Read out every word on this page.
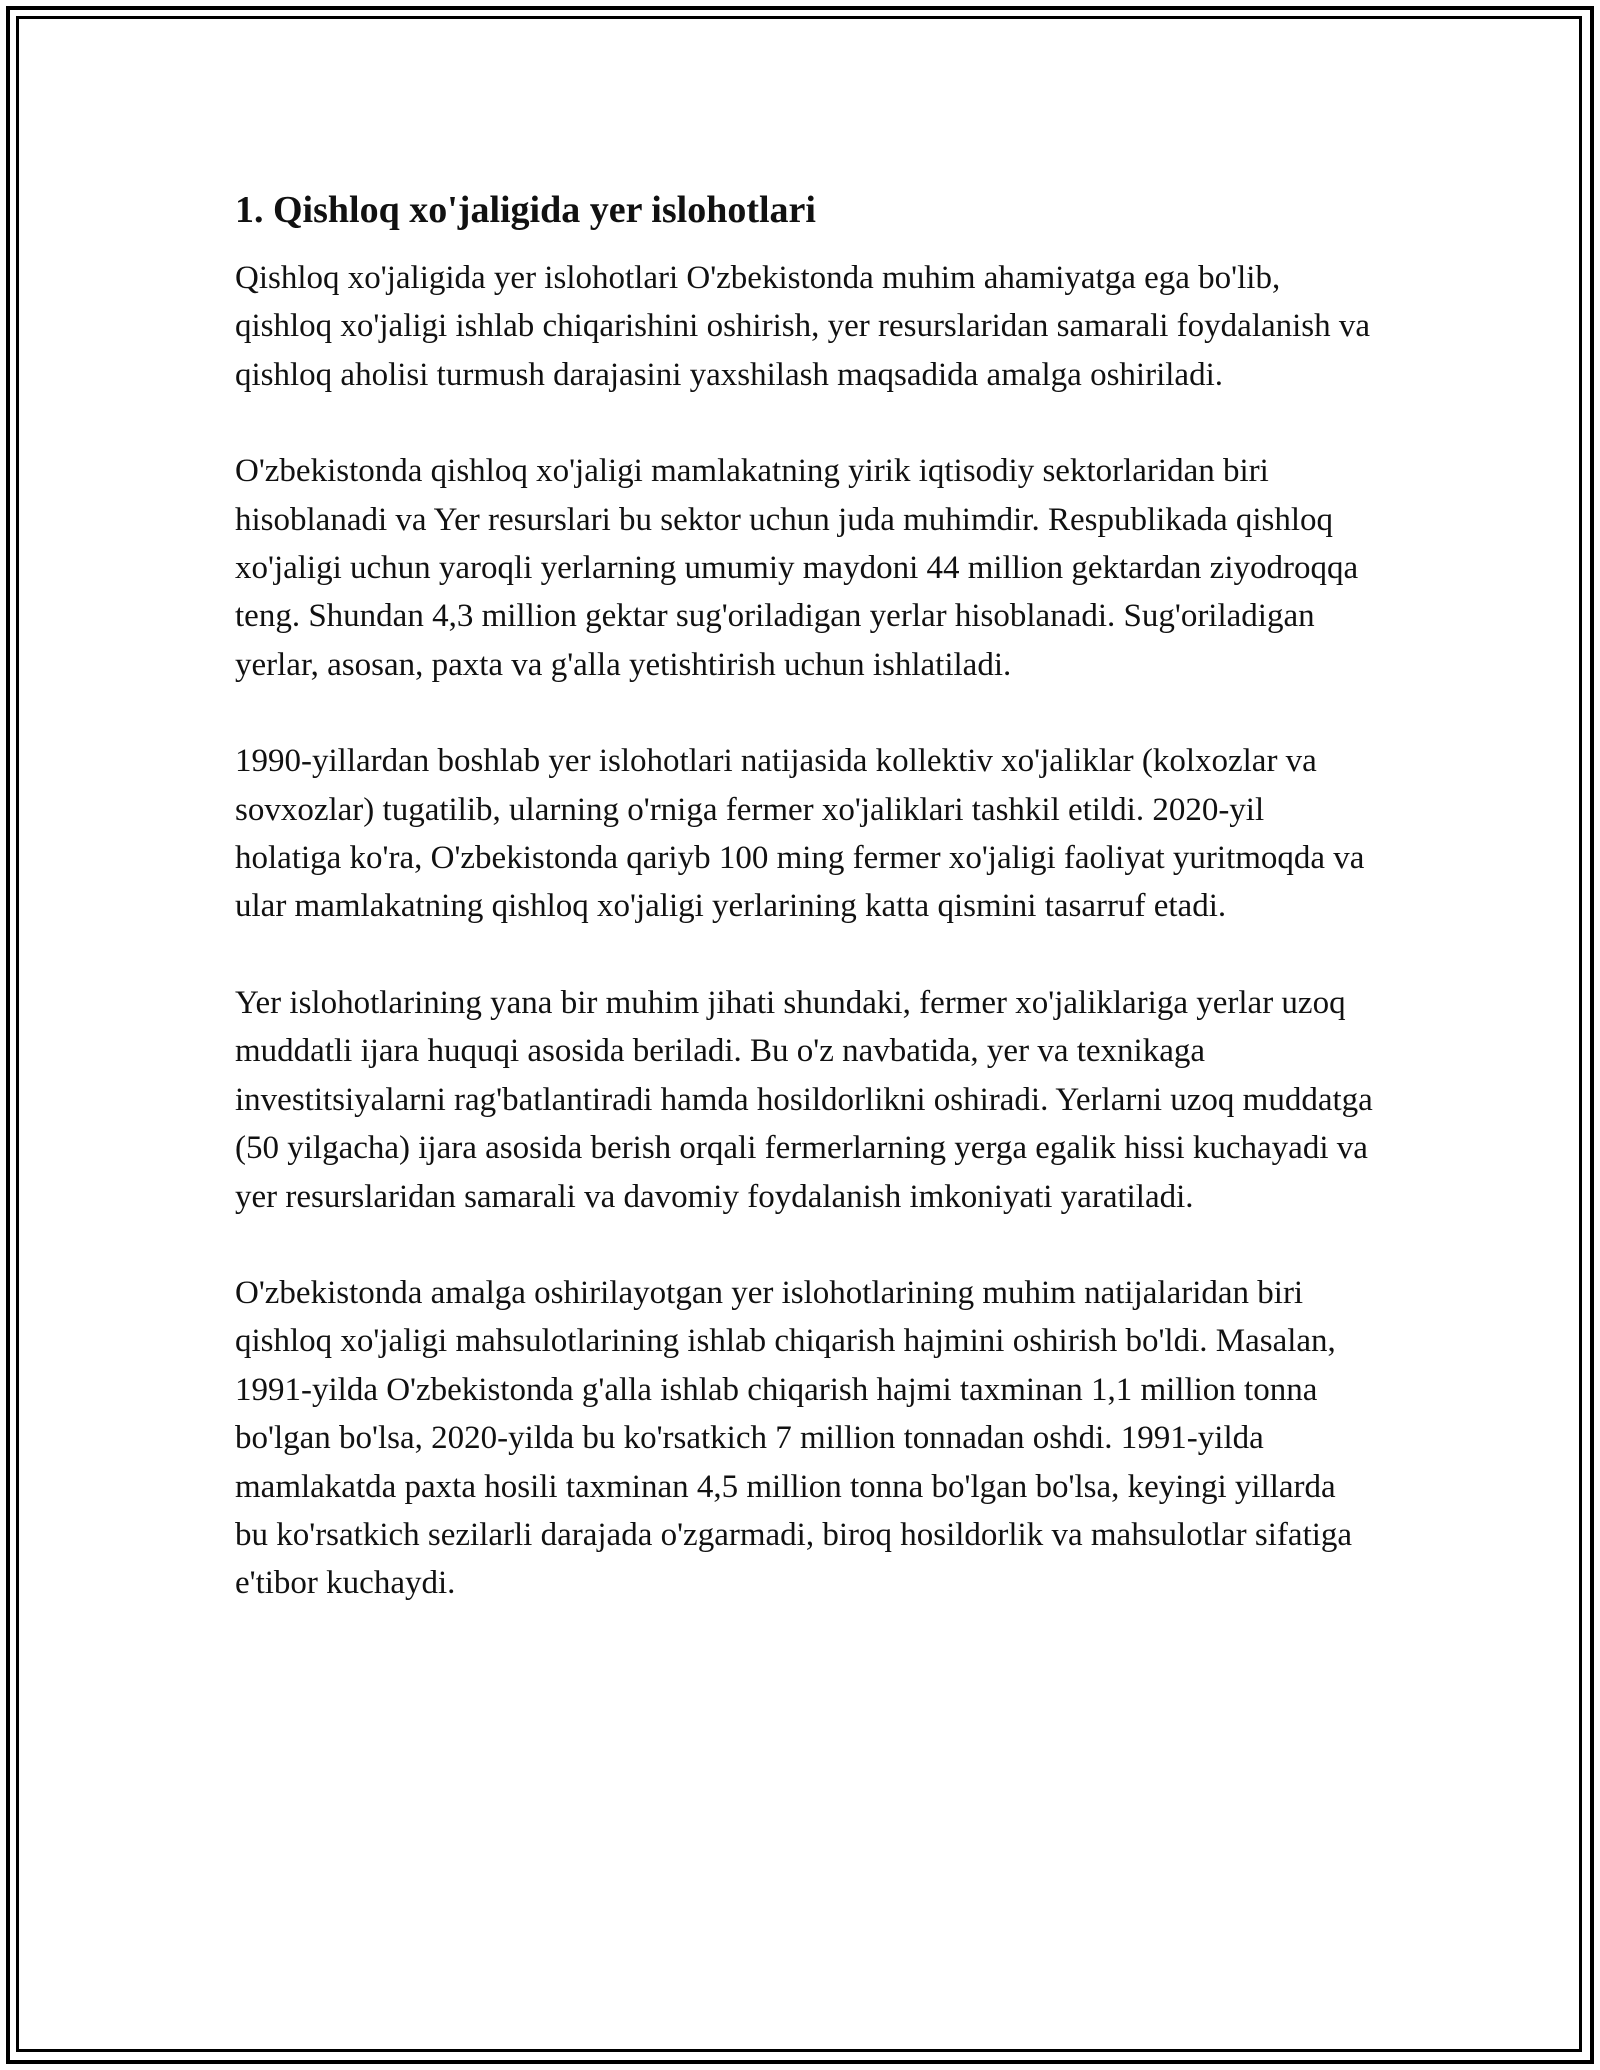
1. Qishloq xo'jaligida yer islohotlari

Qishloq xo'jaligida yer islohotlari O'zbekistonda muhim ahamiyatga ega bo'lib, qishloq xo'jaligi ishlab chiqarishini oshirish, yer resurslaridan samarali foydalanish va qishloq aholisi turmush darajasini yaxshilash maqsadida amalga oshiriladi.

O'zbekistonda qishloq xo'jaligi mamlakatning yirik iqtisodiy sektorlaridan biri hisoblanadi va Yer resurslari bu sektor uchun juda muhimdir. Respublikada qishloq xo'jaligi uchun yaroqli yerlarning umumiy maydoni 44 million gektardan ziyodroqqa teng. Shundan 4,3 million gektar sug'oriladigan yerlar hisoblanadi. Sug'oriladigan yerlar, asosan, paxta va g'alla yetishtirish uchun ishlatiladi.

1990-yillardan boshlab yer islohotlari natijasida kollektiv xo'jaliklar (kolxozlar va sovxozlar) tugatilib, ularning o'rniga fermer xo'jaliklari tashkil etildi. 2020-yil holatiga ko'ra, O'zbekistonda qariyb 100 ming fermer xo'jaligi faoliyat yuritmoqda va ular mamlakatning qishloq xo'jaligi yerlarining katta qismini tasarruf etadi.

Yer islohotlarining yana bir muhim jihati shundaki, fermer xo'jaliklariga yerlar uzoq muddatli ijara huquqi asosida beriladi. Bu o'z navbatida, yer va texnikaga investitsiyalarni rag'batlantiradi hamda hosildorlikni oshiradi. Yerlarni uzoq muddatga (50 yilgacha) ijara asosida berish orqali fermerlarning yerga egalik hissi kuchayadi va yer resurslaridan samarali va davomiy foydalanish imkoniyati yaratiladi.

O'zbekistonda amalga oshirilayotgan yer islohotlarining muhim natijalaridan biri qishloq xo'jaligi mahsulotlarining ishlab chiqarish hajmini oshirish bo'ldi. Masalan, 1991-yilda O'zbekistonda g'alla ishlab chiqarish hajmi taxminan 1,1 million tonna bo'lgan bo'lsa, 2020-yilda bu ko'rsatkich 7 million tonnadan oshdi. 1991-yilda mamlakatda paxta hosili taxminan 4,5 million tonna bo'lgan bo'lsa, keyingi yillarda bu ko'rsatkich sezilarli darajada o'zgarmadi, biroq hosildorlik va mahsulotlar sifatiga e'tibor kuchaydi.
